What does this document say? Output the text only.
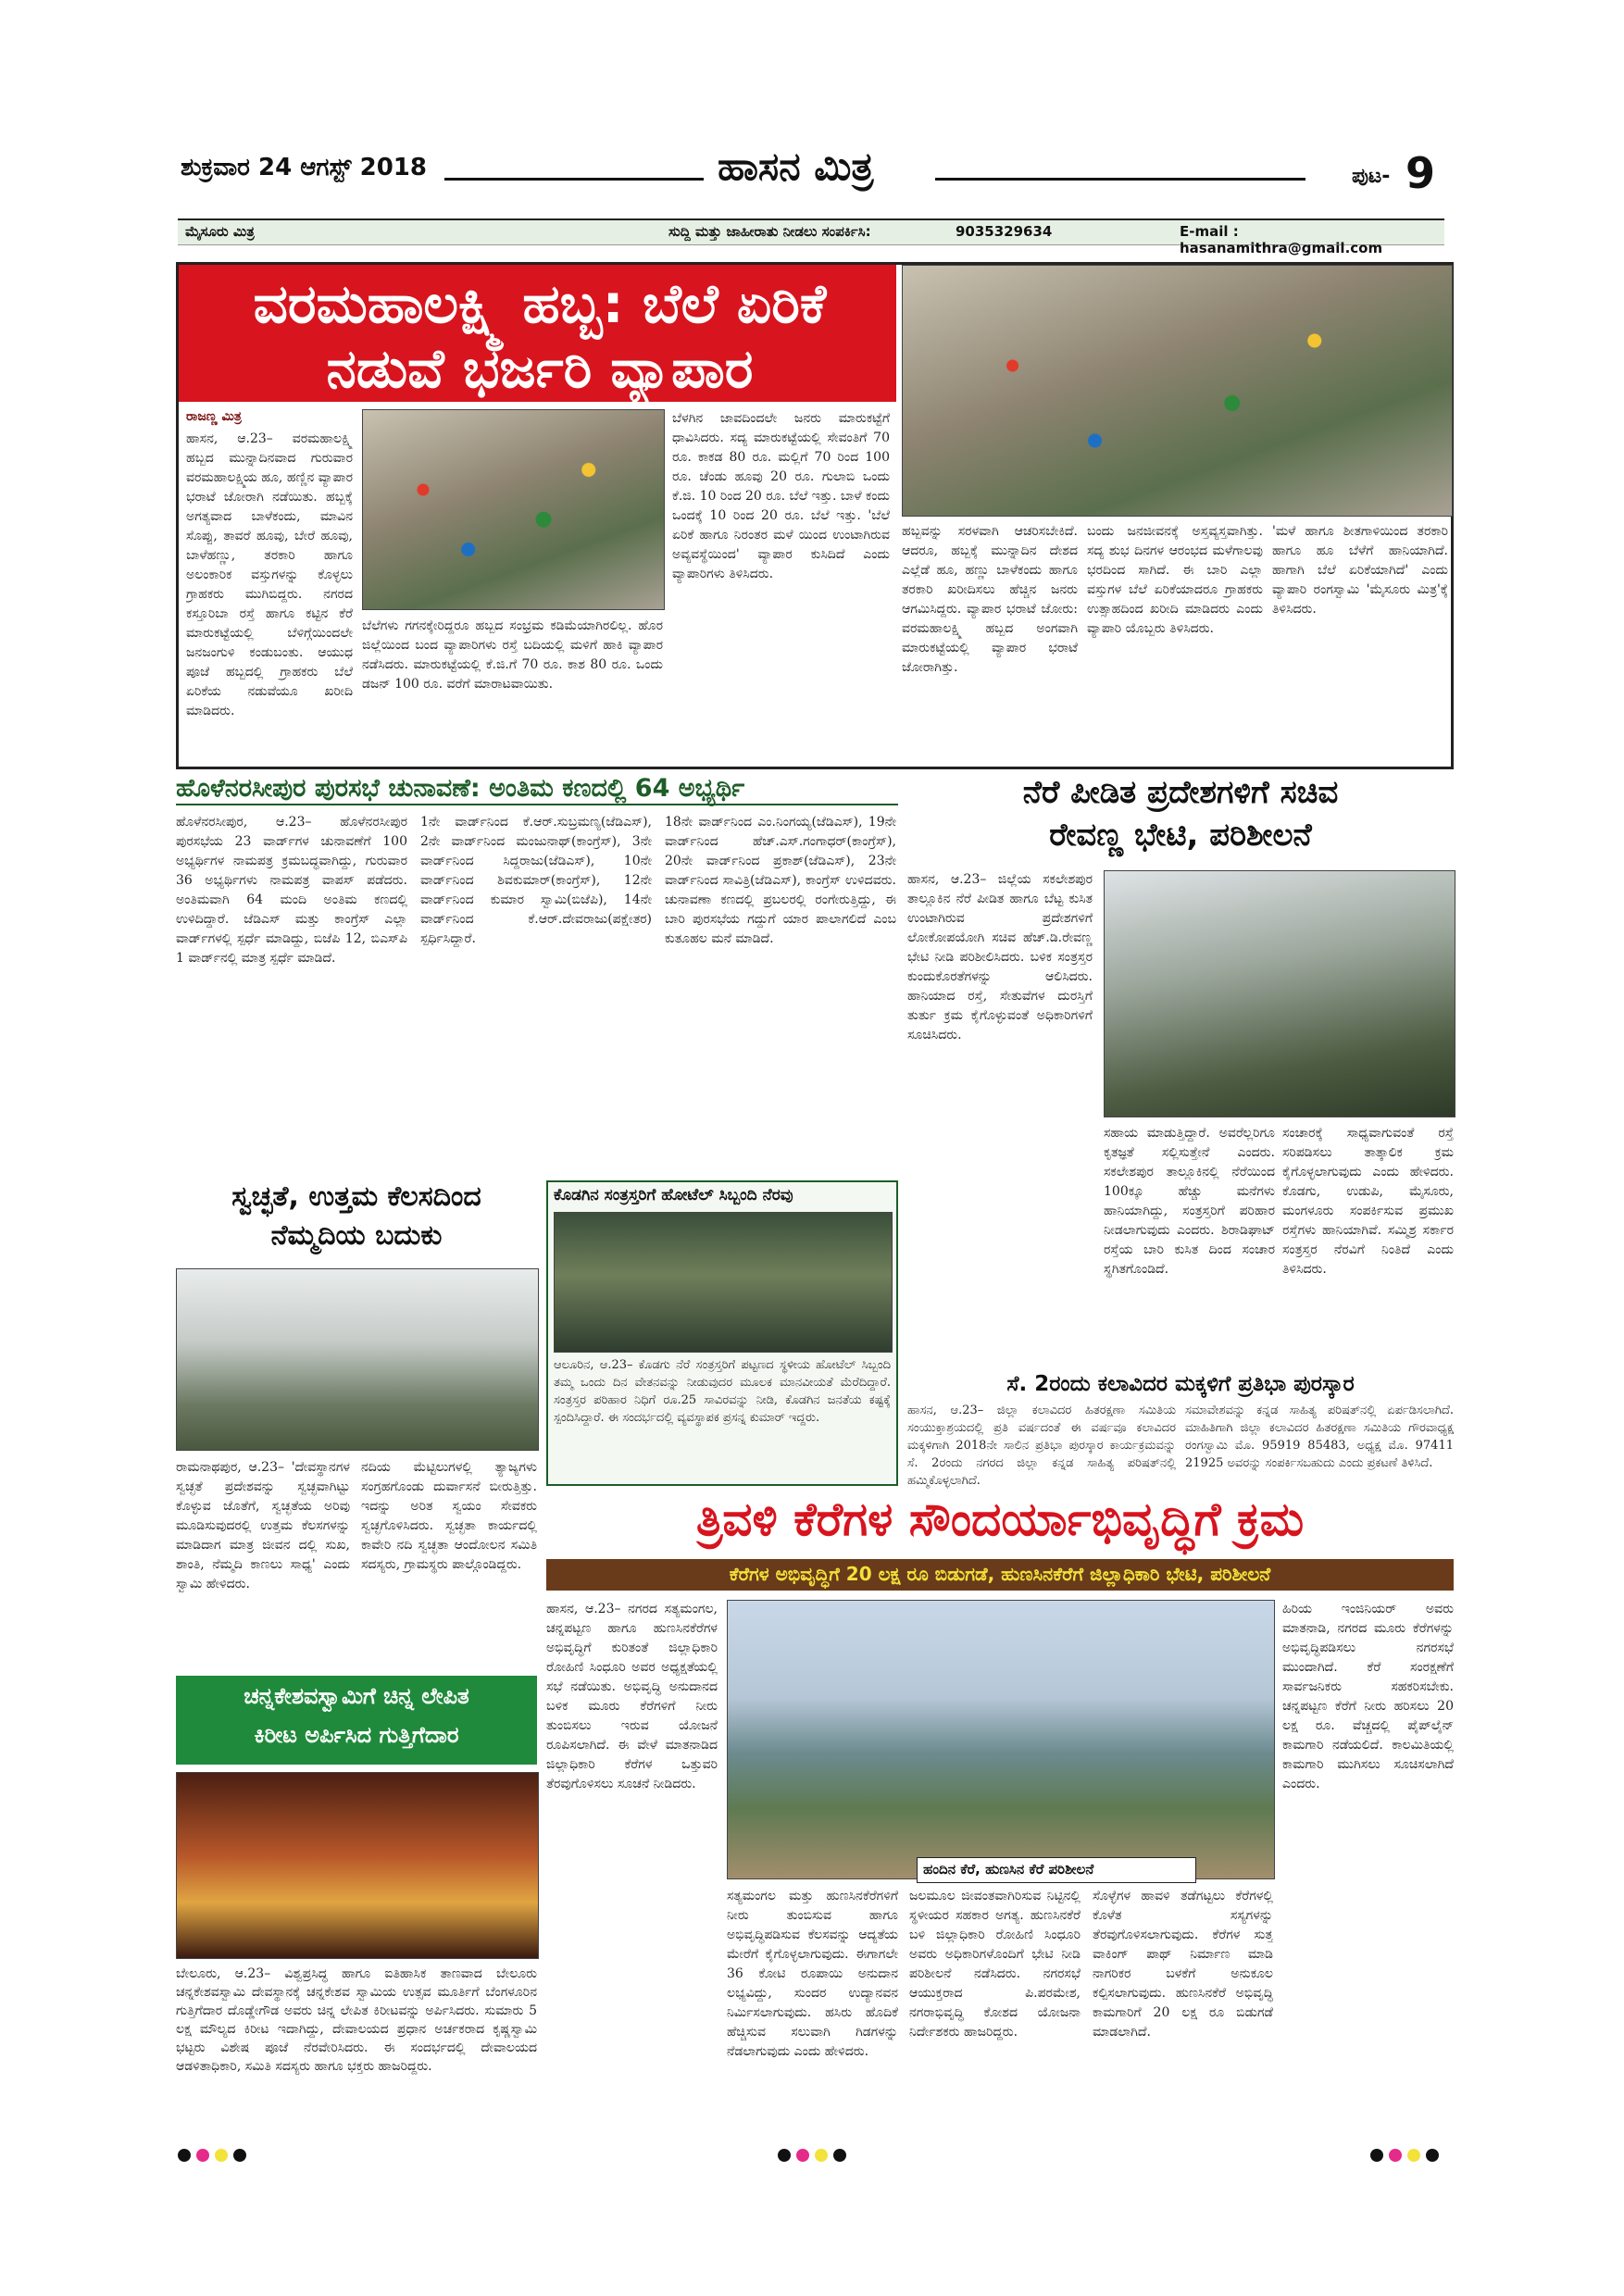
ಶುಕ್ರವಾರ 24 ಆಗಸ್ಟ್ 2018	ಹಾಸನ ಮಿತ್ರ	ಪುಟ- 9
ಮೈಸೂರು ಮಿತ್ರ	ಸುದ್ದಿ ಮತ್ತು ಜಾಹೀರಾತು ನೀಡಲು ಸಂಪರ್ಕಿಸಿ:	9035329634	E-mail : hasanamithra@gmail.com
ವರಮಹಾಲಕ್ಷ್ಮಿ ಹಬ್ಬ: ಬೆಲೆ ಏರಿಕೆ
ನಡುವೆ ಭರ್ಜರಿ ವ್ಯಾಪಾರ
ರಾಜಣ್ಣ ಮಿತ್ರ
ಹಾಸನ, ಆ.23– ವರಮಹಾಲಕ್ಷ್ಮಿ ಹಬ್ಬದ ಮುನ್ನಾದಿನವಾದ ಗುರುವಾರ ವರಮಹಾಲಕ್ಷ್ಮಿಯ ಹೂ, ಹಣ್ಣಿನ ವ್ಯಾಪಾರ ಭರಾಟೆ ಜೋರಾಗಿ ನಡೆಯಿತು. ಹಬ್ಬಕ್ಕೆ ಅಗತ್ಯವಾದ ಬಾಳೆಕಂದು, ಮಾವಿನ ಸೊಪ್ಪು, ತಾವರೆ ಹೂವು, ಬೇರೆ ಹೂವು, ಬಾಳೆಹಣ್ಣು, ತರಕಾರಿ ಹಾಗೂ ಅಲಂಕಾರಿಕ ವಸ್ತುಗಳನ್ನು ಕೊಳ್ಳಲು ಗ್ರಾಹಕರು ಮುಗಿಬಿದ್ದರು. ನಗರದ ಕಸ್ತೂರಿಬಾ ರಸ್ತೆ ಹಾಗೂ ಕಟ್ಟಿನ ಕೆರೆ ಮಾರುಕಟ್ಟೆಯಲ್ಲಿ ಬೆಳಿಗ್ಗೆಯಿಂದಲೇ ಜನಜಂಗುಳಿ ಕಂಡುಬಂತು. ಆಯುಧ ಪೂಜೆ ಹಬ್ಬದಲ್ಲಿ ಗ್ರಾಹಕರು ಬೆಲೆ ಏರಿಕೆಯ ನಡುವೆಯೂ ಖರೀದಿ ಮಾಡಿದರು.
ಬೆಲೆಗಳು ಗಗನಕ್ಕೇರಿದ್ದರೂ ಹಬ್ಬದ ಸಂಭ್ರಮ ಕಡಿಮೆಯಾಗಿರಲಿಲ್ಲ. ಹೊರ ಜಿಲ್ಲೆಯಿಂದ ಬಂದ ವ್ಯಾಪಾರಿಗಳು ರಸ್ತೆ ಬದಿಯಲ್ಲಿ ಮಳಿಗೆ ಹಾಕಿ ವ್ಯಾಪಾರ ನಡೆಸಿದರು. ಮಾರುಕಟ್ಟೆಯಲ್ಲಿ ಕೆ.ಜಿ.ಗೆ 70 ರೂ. ಕಾಶ 80 ರೂ. ಒಂದು ಡಜನ್ 100 ರೂ. ವರೆಗೆ ಮಾರಾಟವಾಯಿತು.
ಬೆಳಗಿನ ಜಾವದಿಂದಲೇ ಜನರು ಮಾರುಕಟ್ಟೆಗೆ ಧಾವಿಸಿದರು. ಸದ್ಯ ಮಾರುಕಟ್ಟೆಯಲ್ಲಿ ಸೇವಂತಿಗೆ 70 ರೂ. ಕಾಕಡ 80 ರೂ. ಮಲ್ಲಿಗೆ 70 ರಿಂದ 100 ರೂ. ಚೆಂಡು ಹೂವು 20 ರೂ. ಗುಲಾಬಿ ಒಂದು ಕೆ.ಜಿ. 10 ರಿಂದ 20 ರೂ. ಬೆಲೆ ಇತ್ತು. ಬಾಳೆ ಕಂದು ಒಂದಕ್ಕೆ 10 ರಿಂದ 20 ರೂ. ಬೆಲೆ ಇತ್ತು. 'ಬೆಲೆ ಏರಿಕೆ ಹಾಗೂ ನಿರಂತರ ಮಳೆ ಯಿಂದ ಉಂಟಾಗಿರುವ ಅವ್ಯವಸ್ಥೆಯಿಂದ' ವ್ಯಾಪಾರ ಕುಸಿದಿದೆ ಎಂದು ವ್ಯಾಪಾರಿಗಳು ತಿಳಿಸಿದರು.
ಹಬ್ಬವನ್ನು ಸರಳವಾಗಿ ಆಚರಿಸಬೇಕಿದೆ. ಆದರೂ, ಹಬ್ಬಕ್ಕೆ ಮುನ್ನಾದಿನ ದೇಶದ ಎಲ್ಲೆಡೆ ಹೂ, ಹಣ್ಣು ಬಾಳೆಕಂದು ಹಾಗೂ ತರಕಾರಿ ಖರೀದಿಸಲು ಹೆಚ್ಚಿನ ಜನರು ಆಗಮಿಸಿದ್ದರು. ವ್ಯಾಪಾರ ಭರಾಟೆ ಜೋರು: ವರಮಹಾಲಕ್ಷ್ಮಿ ಹಬ್ಬದ ಅಂಗವಾಗಿ ಮಾರುಕಟ್ಟೆಯಲ್ಲಿ ವ್ಯಾಪಾರ ಭರಾಟೆ ಜೋರಾಗಿತ್ತು.
ಬಂದು ಜನಜೀವನಕ್ಕೆ ಅಸ್ತವ್ಯಸ್ತವಾಗಿತ್ತು. ಸದ್ಯ ಶುಭ ದಿನಗಳ ಆರಂಭದ ಮಳೆಗಾಲವು ಭರದಿಂದ ಸಾಗಿದೆ. ಈ ಬಾರಿ ಎಲ್ಲಾ ವಸ್ತುಗಳ ಬೆಲೆ ಏರಿಕೆಯಾದರೂ ಗ್ರಾಹಕರು ಉತ್ಸಾಹದಿಂದ ಖರೀದಿ ಮಾಡಿದರು ಎಂದು ವ್ಯಾಪಾರಿ ಯೊಬ್ಬರು ತಿಳಿಸಿದರು.
'ಮಳೆ ಹಾಗೂ ಶೀತಗಾಳಿಯಿಂದ ತರಕಾರಿ ಹಾಗೂ ಹೂ ಬೆಳೆಗೆ ಹಾನಿಯಾಗಿದೆ. ಹಾಗಾಗಿ ಬೆಲೆ ಏರಿಕೆಯಾಗಿದೆ' ಎಂದು ವ್ಯಾಪಾರಿ ರಂಗಸ್ವಾಮಿ 'ಮೈಸೂರು ಮಿತ್ರ'ಕ್ಕೆ ತಿಳಿಸಿದರು.
ಹೊಳೆನರಸೀಪುರ ಪುರಸಭೆ ಚುನಾವಣೆ: ಅಂತಿಮ ಕಣದಲ್ಲಿ 64 ಅಭ್ಯರ್ಥಿ
ಹೊಳೆನರಸೀಪುರ, ಆ.23– ಹೊಳೆನರಸೀಪುರ ಪುರಸಭೆಯ 23 ವಾರ್ಡ್‌ಗಳ ಚುನಾವಣೆಗೆ 100 ಅಭ್ಯರ್ಥಿಗಳ ನಾಮಪತ್ರ ಕ್ರಮಬದ್ಧವಾಗಿದ್ದು, ಗುರುವಾರ 36 ಅಭ್ಯರ್ಥಿಗಳು ನಾಮಪತ್ರ ವಾಪಸ್ ಪಡೆದರು. ಅಂತಿಮವಾಗಿ 64 ಮಂದಿ ಅಂತಿಮ ಕಣದಲ್ಲಿ ಉಳಿದಿದ್ದಾರೆ. ಜೆಡಿಎಸ್ ಮತ್ತು ಕಾಂಗ್ರೆಸ್ ಎಲ್ಲಾ ವಾರ್ಡ್‌ಗಳಲ್ಲಿ ಸ್ಪರ್ಧೆ ಮಾಡಿದ್ದು, ಬಿಜೆಪಿ 12, ಬಿಎಸ್‌ಪಿ 1 ವಾರ್ಡ್‌ನಲ್ಲಿ ಮಾತ್ರ ಸ್ಪರ್ಧೆ ಮಾಡಿದೆ.
1ನೇ ವಾರ್ಡ್‌ನಿಂದ ಕೆ.ಆರ್.ಸುಬ್ರಮಣ್ಯ(ಜೆಡಿಎಸ್), 2ನೇ ವಾರ್ಡ್‌ನಿಂದ ಮಂಜುನಾಥ್(ಕಾಂಗ್ರೆಸ್), 3ನೇ ವಾರ್ಡ್‌ನಿಂದ ಸಿದ್ದರಾಜು(ಜೆಡಿಎಸ್), 10ನೇ ವಾರ್ಡ್‌ನಿಂದ ಶಿವಕುಮಾರ್(ಕಾಂಗ್ರೆಸ್), 12ನೇ ವಾರ್ಡ್‌ನಿಂದ ಕುಮಾರ ಸ್ವಾಮಿ(ಬಿಜೆಪಿ), 14ನೇ ವಾರ್ಡ್‌ನಿಂದ ಕೆ.ಆರ್.ದೇವರಾಜು(ಪಕ್ಷೇತರ) ಸ್ಪರ್ಧಿಸಿದ್ದಾರೆ.
18ನೇ ವಾರ್ಡ್‌ನಿಂದ ಎಂ.ನಿಂಗಯ್ಯ(ಜೆಡಿಎಸ್), 19ನೇ ವಾರ್ಡ್‌ನಿಂದ ಹೆಚ್.ಎಸ್.ಗಂಗಾಧರ್(ಕಾಂಗ್ರೆಸ್), 20ನೇ ವಾರ್ಡ್‌ನಿಂದ ಪ್ರಕಾಶ್(ಜೆಡಿಎಸ್), 23ನೇ ವಾರ್ಡ್‌ನಿಂದ ಸಾವಿತ್ರಿ(ಜೆಡಿಎಸ್), ಕಾಂಗ್ರೆಸ್ ಉಳಿದವರು. ಚುನಾವಣಾ ಕಣದಲ್ಲಿ ಪ್ರಬಲರಲ್ಲಿ ರಂಗೇರುತ್ತಿದ್ದು, ಈ ಬಾರಿ ಪುರಸಭೆಯ ಗದ್ದುಗೆ ಯಾರ ಪಾಲಾಗಲಿದೆ ಎಂಬ ಕುತೂಹಲ ಮನೆ ಮಾಡಿದೆ.
ನೆರೆ ಪೀಡಿತ ಪ್ರದೇಶಗಳಿಗೆ ಸಚಿವ
ರೇವಣ್ಣ ಭೇಟಿ, ಪರಿಶೀಲನೆ
ಹಾಸನ, ಆ.23– ಜಿಲ್ಲೆಯ ಸಕಲೇಶಪುರ ತಾಲ್ಲೂಕಿನ ನೆರೆ ಪೀಡಿತ ಹಾಗೂ ಬೆಟ್ಟ ಕುಸಿತ ಉಂಟಾಗಿರುವ ಪ್ರದೇಶಗಳಿಗೆ ಲೋಕೋಪಯೋಗಿ ಸಚಿವ ಹೆಚ್.ಡಿ.ರೇವಣ್ಣ ಭೇಟಿ ನೀಡಿ ಪರಿಶೀಲಿಸಿದರು. ಬಳಿಕ ಸಂತ್ರಸ್ತರ ಕುಂದುಕೊರತೆಗಳನ್ನು ಆಲಿಸಿದರು. ಹಾನಿಯಾದ ರಸ್ತೆ, ಸೇತುವೆಗಳ ದುರಸ್ತಿಗೆ ತುರ್ತು ಕ್ರಮ ಕೈಗೊಳ್ಳುವಂತೆ ಅಧಿಕಾರಿಗಳಿಗೆ ಸೂಚಿಸಿದರು.
ಸಹಾಯ ಮಾಡುತ್ತಿದ್ದಾರೆ. ಅವರೆಲ್ಲರಿಗೂ ಕೃತಜ್ಞತೆ ಸಲ್ಲಿಸುತ್ತೇನೆ ಎಂದರು. ಸಕಲೇಶಪುರ ತಾಲ್ಲೂಕಿನಲ್ಲಿ ನೆರೆಯಿಂದ 100ಕ್ಕೂ ಹೆಚ್ಚು ಮನೆಗಳು ಹಾನಿಯಾಗಿದ್ದು, ಸಂತ್ರಸ್ತರಿಗೆ ಪರಿಹಾರ ನೀಡಲಾಗುವುದು ಎಂದರು. ಶಿರಾಡಿಘಾಟ್ ರಸ್ತೆಯ ಬಾರಿ ಕುಸಿತ ದಿಂದ ಸಂಚಾರ ಸ್ಥಗಿತಗೊಂಡಿದೆ.
ಸಂಚಾರಕ್ಕೆ ಸಾಧ್ಯವಾಗುವಂತೆ ರಸ್ತೆ ಸರಿಪಡಿಸಲು ತಾತ್ಕಾಲಿಕ ಕ್ರಮ ಕೈಗೊಳ್ಳಲಾಗುವುದು ಎಂದು ಹೇಳಿದರು. ಕೊಡಗು, ಉಡುಪಿ, ಮೈಸೂರು, ಮಂಗಳೂರು ಸಂಪರ್ಕಿಸುವ ಪ್ರಮುಖ ರಸ್ತೆಗಳು ಹಾನಿಯಾಗಿವೆ. ಸಮ್ಮಿಶ್ರ ಸರ್ಕಾರ ಸಂತ್ರಸ್ತರ ನೆರವಿಗೆ ನಿಂತಿದೆ ಎಂದು ತಿಳಿಸಿದರು.
ಸ್ವಚ್ಛತೆ, ಉತ್ತಮ ಕೆಲಸದಿಂದ
ನೆಮ್ಮದಿಯ ಬದುಕು
ರಾಮನಾಥಪುರ, ಆ.23– 'ದೇವಸ್ಥಾನಗಳ ಸ್ವಚ್ಛತೆ ಪ್ರದೇಶವನ್ನು ಸ್ವಚ್ಛವಾಗಿಟ್ಟು ಕೊಳ್ಳುವ ಜೊತೆಗೆ, ಸ್ವಚ್ಛತೆಯ ಅರಿವು ಮೂಡಿಸುವುದರಲ್ಲಿ ಉತ್ತಮ ಕೆಲಸಗಳನ್ನು ಮಾಡಿದಾಗ ಮಾತ್ರ ಜೀವನ ದಲ್ಲಿ ಸುಖ, ಶಾಂತಿ, ನೆಮ್ಮದಿ ಕಾಣಲು ಸಾಧ್ಯ' ಎಂದು ಸ್ವಾಮಿ ಹೇಳಿದರು.
ನದಿಯ ಮೆಟ್ಟಿಲುಗಳಲ್ಲಿ ತ್ಯಾಜ್ಯಗಳು ಸಂಗ್ರಹಗೊಂಡು ದುರ್ವಾಸನೆ ಬೀರುತ್ತಿತ್ತು. ಇದನ್ನು ಅರಿತ ಸ್ವಯಂ ಸೇವಕರು ಸ್ವಚ್ಛಗೊಳಿಸಿದರು. ಸ್ವಚ್ಛತಾ ಕಾರ್ಯದಲ್ಲಿ ಕಾವೇರಿ ನದಿ ಸ್ವಚ್ಛತಾ ಆಂದೋಲನ ಸಮಿತಿ ಸದಸ್ಯರು, ಗ್ರಾಮಸ್ಥರು ಪಾಲ್ಗೊಂಡಿದ್ದರು.
ಕೊಡಗಿನ ಸಂತ್ರಸ್ತರಿಗೆ ಹೋಟೆಲ್ ಸಿಬ್ಬಂದಿ ನೆರವು
ಆಲೂರಿನ, ಆ.23– ಕೊಡಗು ನೆರೆ ಸಂತ್ರಸ್ತರಿಗೆ ಪಟ್ಟಣದ ಸ್ಥಳೀಯ ಹೋಟೆಲ್ ಸಿಬ್ಬಂದಿ ತಮ್ಮ ಒಂದು ದಿನ ವೇತನವನ್ನು ನೀಡುವುದರ ಮೂಲಕ ಮಾನವೀಯತೆ ಮೆರೆದಿದ್ದಾರೆ. ಸಂತ್ರಸ್ತರ ಪರಿಹಾರ ನಿಧಿಗೆ ರೂ.25 ಸಾವಿರವನ್ನು ನೀಡಿ, ಕೊಡಗಿನ ಜನತೆಯ ಕಷ್ಟಕ್ಕೆ ಸ್ಪಂದಿಸಿದ್ದಾರೆ. ಈ ಸಂದರ್ಭದಲ್ಲಿ ವ್ಯವಸ್ಥಾಪಕ ಪ್ರಸನ್ನ ಕುಮಾರ್ ಇದ್ದರು.
ಸೆ. 2ರಂದು ಕಲಾವಿದರ ಮಕ್ಕಳಿಗೆ ಪ್ರತಿಭಾ ಪುರಸ್ಕಾರ
ಹಾಸನ, ಆ.23– ಜಿಲ್ಲಾ ಕಲಾವಿದರ ಹಿತರಕ್ಷಣಾ ಸಮಿತಿಯ ಸಂಯುಕ್ತಾಶ್ರಯದಲ್ಲಿ ಪ್ರತಿ ವರ್ಷದಂತೆ ಈ ವರ್ಷವೂ ಕಲಾವಿದರ ಮಕ್ಕಳಿಗಾಗಿ 2018ನೇ ಸಾಲಿನ ಪ್ರತಿಭಾ ಪುರಸ್ಕಾರ ಕಾರ್ಯಕ್ರಮವನ್ನು ಸೆ. 2ರಂದು ನಗರದ ಜಿಲ್ಲಾ ಕನ್ನಡ ಸಾಹಿತ್ಯ ಪರಿಷತ್‌ನಲ್ಲಿ ಹಮ್ಮಿಕೊಳ್ಳಲಾಗಿದೆ.
ಸಮಾವೇಶವನ್ನು ಕನ್ನಡ ಸಾಹಿತ್ಯ ಪರಿಷತ್‌ನಲ್ಲಿ ಏರ್ಪಡಿಸಲಾಗಿದೆ. ಮಾಹಿತಿಗಾಗಿ ಜಿಲ್ಲಾ ಕಲಾವಿದರ ಹಿತರಕ್ಷಣಾ ಸಮಿತಿಯ ಗೌರವಾಧ್ಯಕ್ಷ ರಂಗಸ್ವಾಮಿ ಮೊ. 95919 85483, ಅಧ್ಯಕ್ಷ ಮೊ. 97411 21925 ಅವರನ್ನು ಸಂಪರ್ಕಿಸಬಹುದು ಎಂದು ಪ್ರಕಟಣೆ ತಿಳಿಸಿದೆ.
ತ್ರಿವಳಿ ಕೆರೆಗಳ ಸೌಂದರ್ಯಾಭಿವೃದ್ಧಿಗೆ ಕ್ರಮ
ಕೆರೆಗಳ ಅಭಿವೃದ್ಧಿಗೆ 20 ಲಕ್ಷ ರೂ ಬಿಡುಗಡೆ, ಹುಣಸಿನಕೆರೆಗೆ ಜಿಲ್ಲಾಧಿಕಾರಿ ಭೇಟಿ, ಪರಿಶೀಲನೆ
ಹಾಸನ, ಆ.23– ನಗರದ ಸತ್ಯಮಂಗಲ, ಚನ್ನಪಟ್ಟಣ ಹಾಗೂ ಹುಣಸಿನಕೆರೆಗಳ ಅಭಿವೃದ್ಧಿಗೆ ಕುರಿತಂತೆ ಜಿಲ್ಲಾಧಿಕಾರಿ ರೋಹಿಣಿ ಸಿಂಧೂರಿ ಅವರ ಅಧ್ಯಕ್ಷತೆಯಲ್ಲಿ ಸಭೆ ನಡೆಯಿತು. ಅಭಿವೃದ್ಧಿ ಅನುದಾನದ ಬಳಿಕ ಮೂರು ಕೆರೆಗಳಿಗೆ ನೀರು ತುಂಬಿಸಲು ಇರುವ ಯೋಜನೆ ರೂಪಿಸಲಾಗಿದೆ. ಈ ವೇಳೆ ಮಾತನಾಡಿದ ಜಿಲ್ಲಾಧಿಕಾರಿ ಕೆರೆಗಳ ಒತ್ತುವರಿ ತೆರವುಗೊಳಿಸಲು ಸೂಚನೆ ನೀಡಿದರು.
ಹಂದಿನ ಕೆರೆ, ಹುಣಸಿನ ಕೆರೆ ಪರಿಶೀಲನೆ
ಸತ್ಯಮಂಗಲ ಮತ್ತು ಹುಣಸಿನಕೆರೆಗಳಿಗೆ ನೀರು ತುಂಬಿಸುವ ಹಾಗೂ ಅಭಿವೃದ್ಧಿಪಡಿಸುವ ಕೆಲಸವನ್ನು ಆದ್ಯತೆಯ ಮೇರೆಗೆ ಕೈಗೊಳ್ಳಲಾಗುವುದು. ಈಗಾಗಲೇ 36 ಕೋಟಿ ರೂಪಾಯಿ ಅನುದಾನ ಲಭ್ಯವಿದ್ದು, ಸುಂದರ ಉದ್ಯಾನವನ ನಿರ್ಮಿಸಲಾಗುವುದು. ಹಸಿರು ಹೊದಿಕೆ ಹೆಚ್ಚಿಸುವ ಸಲುವಾಗಿ ಗಿಡಗಳನ್ನು ನೆಡಲಾಗುವುದು ಎಂದು ಹೇಳಿದರು.
ಜಲಮೂಲ ಜೀವಂತವಾಗಿರಿಸುವ ನಿಟ್ಟಿನಲ್ಲಿ ಸ್ಥಳೀಯರ ಸಹಕಾರ ಅಗತ್ಯ. ಹುಣಸಿನಕೆರೆ ಬಳಿ ಜಿಲ್ಲಾಧಿಕಾರಿ ರೋಹಿಣಿ ಸಿಂಧೂರಿ ಅವರು ಅಧಿಕಾರಿಗಳೊಂದಿಗೆ ಭೇಟಿ ನೀಡಿ ಪರಿಶೀಲನೆ ನಡೆಸಿದರು. ನಗರಸಭೆ ಆಯುಕ್ತರಾದ ಪಿ.ಪರಮೇಶ, ನಗರಾಭಿವೃದ್ಧಿ ಕೋಶದ ಯೋಜನಾ ನಿರ್ದೇಶಕರು ಹಾಜರಿದ್ದರು.
ಸೊಳ್ಳೆಗಳ ಹಾವಳಿ ತಡೆಗಟ್ಟಲು ಕೆರೆಗಳಲ್ಲಿ ಕೊಳೆತ ಸಸ್ಯಗಳನ್ನು ತೆರವುಗೊಳಿಸಲಾಗುವುದು. ಕೆರೆಗಳ ಸುತ್ತ ವಾಕಿಂಗ್ ಪಾಥ್ ನಿರ್ಮಾಣ ಮಾಡಿ ನಾಗರಿಕರ ಬಳಕೆಗೆ ಅನುಕೂಲ ಕಲ್ಪಿಸಲಾಗುವುದು. ಹುಣಸಿನಕೆರೆ ಅಭಿವೃದ್ಧಿ ಕಾಮಗಾರಿಗೆ 20 ಲಕ್ಷ ರೂ ಬಿಡುಗಡೆ ಮಾಡಲಾಗಿದೆ.
ಹಿರಿಯ ಇಂಜಿನಿಯರ್ ಅವರು ಮಾತನಾಡಿ, ನಗರದ ಮೂರು ಕೆರೆಗಳನ್ನು ಅಭಿವೃದ್ಧಿಪಡಿಸಲು ನಗರಸಭೆ ಮುಂದಾಗಿದೆ. ಕೆರೆ ಸಂರಕ್ಷಣೆಗೆ ಸಾರ್ವಜನಿಕರು ಸಹಕರಿಸಬೇಕು. ಚನ್ನಪಟ್ಟಣ ಕೆರೆಗೆ ನೀರು ಹರಿಸಲು 20 ಲಕ್ಷ ರೂ. ವೆಚ್ಚದಲ್ಲಿ ಪೈಪ್‌ಲೈನ್ ಕಾಮಗಾರಿ ನಡೆಯಲಿದೆ. ಕಾಲಮಿತಿಯಲ್ಲಿ ಕಾಮಗಾರಿ ಮುಗಿಸಲು ಸೂಚಿಸಲಾಗಿದೆ ಎಂದರು.
ಚನ್ನಕೇಶವಸ್ವಾಮಿಗೆ ಚಿನ್ನ ಲೇಪಿತ
ಕಿರೀಟ ಅರ್ಪಿಸಿದ ಗುತ್ತಿಗೆದಾರ
ಬೇಲೂರು, ಆ.23– ವಿಶ್ವಪ್ರಸಿದ್ಧ ಹಾಗೂ ಐತಿಹಾಸಿಕ ತಾಣವಾದ ಬೇಲೂರು ಚನ್ನಕೇಶವಸ್ವಾಮಿ ದೇವಸ್ಥಾನಕ್ಕೆ ಚನ್ನಕೇಶವ ಸ್ವಾಮಿಯ ಉತ್ಸವ ಮೂರ್ತಿಗೆ ಬೆಂಗಳೂರಿನ ಗುತ್ತಿಗೆದಾರ ದೊಡ್ಡೇಗೌಡ ಅವರು ಚಿನ್ನ ಲೇಪಿತ ಕಿರೀಟವನ್ನು ಅರ್ಪಿಸಿದರು. ಸುಮಾರು 5 ಲಕ್ಷ ಮೌಲ್ಯದ ಕಿರೀಟ ಇದಾಗಿದ್ದು, ದೇವಾಲಯದ ಪ್ರಧಾನ ಅರ್ಚಕರಾದ ಕೃಷ್ಣಸ್ವಾಮಿ ಭಟ್ಟರು ವಿಶೇಷ ಪೂಜೆ ನೆರವೇರಿಸಿದರು. ಈ ಸಂದರ್ಭದಲ್ಲಿ ದೇವಾಲಯದ ಆಡಳಿತಾಧಿಕಾರಿ, ಸಮಿತಿ ಸದಸ್ಯರು ಹಾಗೂ ಭಕ್ತರು ಹಾಜರಿದ್ದರು.
